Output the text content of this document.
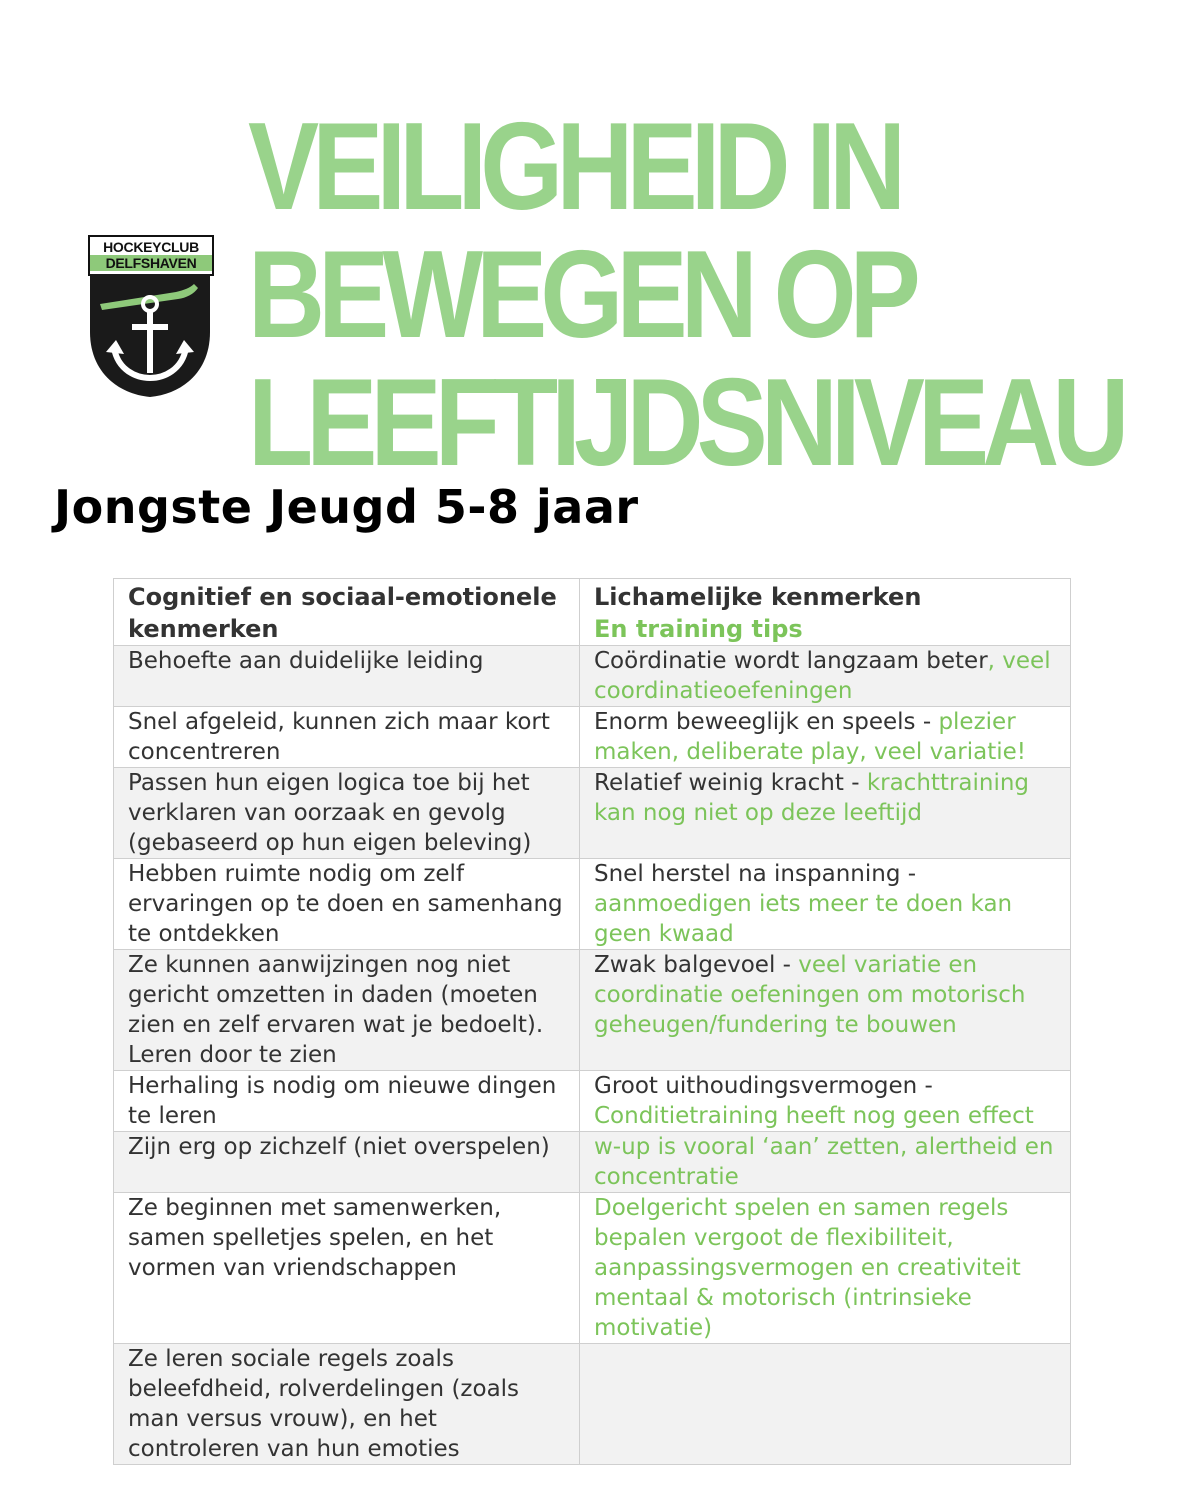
HOCKEYCLUB
DELFSHAVEN
VEILIGHEID IN
BEWEGEN OP
LEEFTIJDSNIVEAU
Jongste Jeugd 5-8 jaar
Cognitief en sociaal-emotionele kenmerken	Lichamelijke kenmerken
En training tips
Behoefte aan duidelijke leiding	Coördinatie wordt langzaam beter, veel coordinatieoefeningen
Snel afgeleid, kunnen zich maar kort concentreren	Enorm beweeglijk en speels - plezier maken, deliberate play, veel variatie!
Passen hun eigen logica toe bij het verklaren van oorzaak en gevolg (gebaseerd op hun eigen beleving)	Relatief weinig kracht - krachttraining kan nog niet op deze leeftijd
Hebben ruimte nodig om zelf ervaringen op te doen en samenhang te ontdekken	Snel herstel na inspanning - aanmoedigen iets meer te doen kan geen kwaad
Ze kunnen aanwijzingen nog niet gericht omzetten in daden (moeten zien en zelf ervaren wat je bedoelt). Leren door te zien	Zwak balgevoel - veel variatie en coordinatie oefeningen om motorisch geheugen/fundering te bouwen
Herhaling is nodig om nieuwe dingen te leren	Groot uithoudingsvermogen - Conditietraining heeft nog geen effect
Zijn erg op zichzelf (niet overspelen)	w-up is vooral ‘aan’ zetten, alertheid en concentratie
Ze beginnen met samenwerken, samen spelletjes spelen, en het vormen van vriendschappen	Doelgericht spelen en samen regels bepalen vergoot de flexibiliteit, aanpassingsvermogen en creativiteit mentaal & motorisch (intrinsieke motivatie)
Ze leren sociale regels zoals beleefdheid, rolverdelingen (zoals man versus vrouw), en het controleren van hun emoties	
